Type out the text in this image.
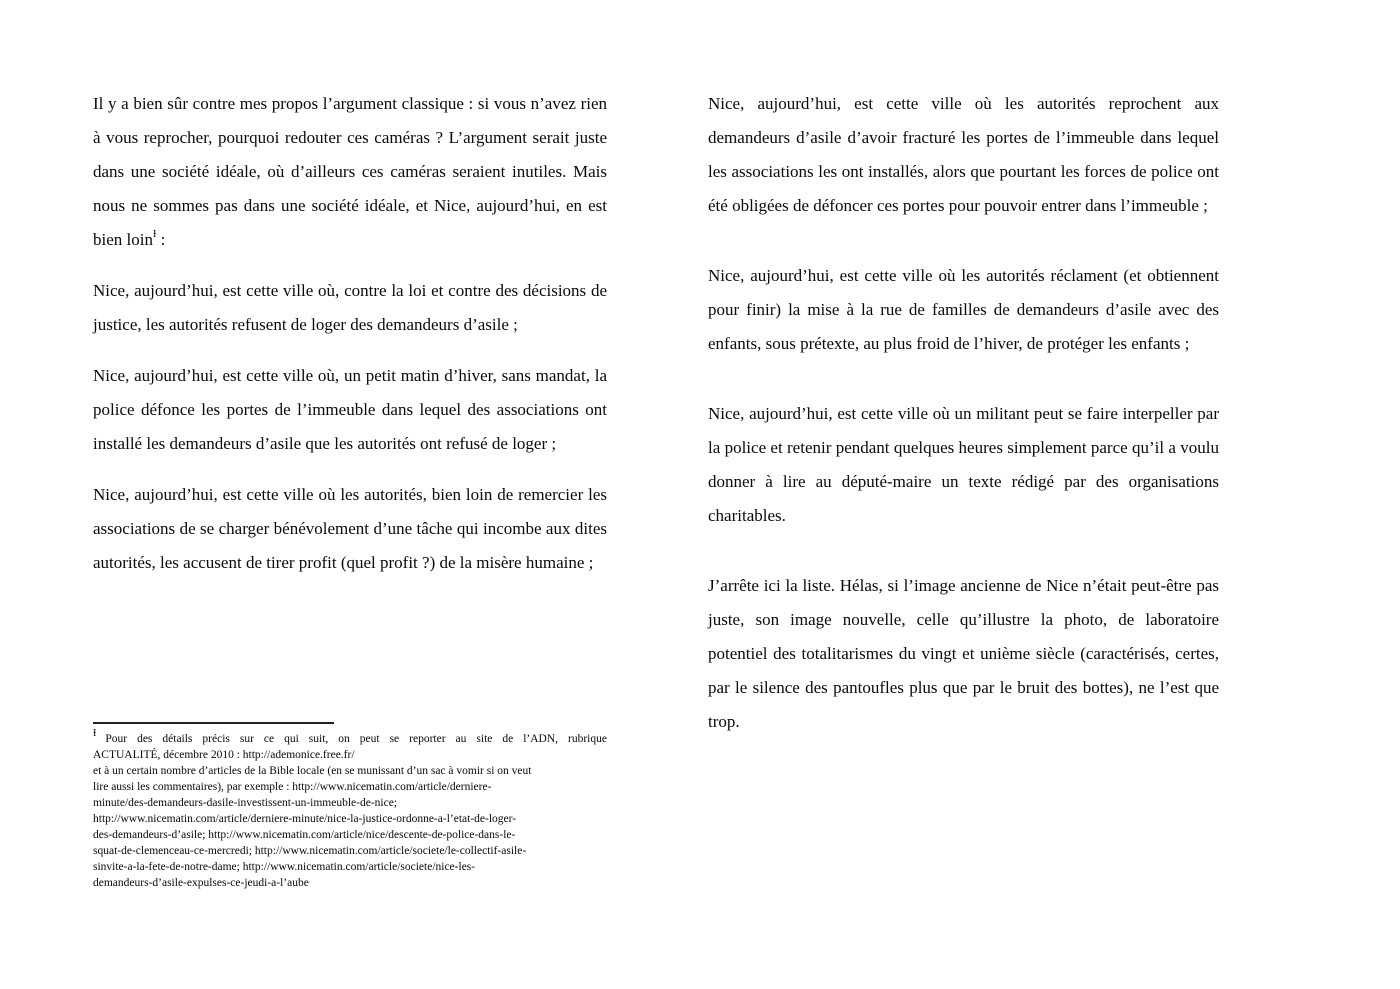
Il y a bien sûr contre mes propos l’argument classique : si vous n’avez rien à vous reprocher, pourquoi redouter ces caméras ? L’argument serait juste dans une société idéale, où d’ailleurs ces caméras seraient inutiles. Mais nous ne sommes pas dans une société idéale, et Nice, aujourd’hui, en est bien loin$^Ɨ$ :

Nice, aujourd’hui, est cette ville où, contre la loi et contre des décisions de justice, les autorités refusent de loger des demandeurs d’asile ;

Nice, aujourd’hui, est cette ville où, un petit matin d’hiver, sans mandat, la police défonce les portes de l’immeuble dans lequel des associations ont installé les demandeurs d’asile que les autorités ont refusé de loger ;

Nice, aujourd’hui, est cette ville où les autorités, bien loin de remercier les associations de se charger bénévolement d’une tâche qui incombe aux dites autorités, les accusent de tirer profit (quel profit ?) de la misère humaine ;

Nice, aujourd’hui, est cette ville où les autorités reprochent aux demandeurs d’asile d’avoir fracturé les portes de l’immeuble dans lequel les associations les ont installés, alors que pourtant les forces de police ont été obligées de défoncer ces portes pour pouvoir entrer dans l’immeuble ;

Nice, aujourd’hui, est cette ville où les autorités réclament (et obtiennent pour finir) la mise à la rue de familles de demandeurs d’asile avec des enfants, sous prétexte, au plus froid de l’hiver, de protéger les enfants ;

Nice, aujourd’hui, est cette ville où un militant peut se faire interpeller par la police et retenir pendant quelques heures simplement parce qu’il a voulu donner à lire au député-maire un texte rédigé par des organisations charitables.

J’arrête ici la liste. Hélas, si l’image ancienne de Nice n’était peut-être pas juste, son image nouvelle, celle qu’illustre la photo, de laboratoire potentiel des totalitarismes du vingt et unième siècle (caractérisés, certes, par le silence des pantoufles plus que par le bruit des bottes), ne l’est que trop.

$^Ɨ$ Pour des détails précis sur ce qui suit, on peut se reporter au site de l’ADN, rubrique
ACTUALITÉ, décembre 2010 : http://ademonice.free.fr/
et à un certain nombre d’articles de la Bible locale (en se munissant d’un sac à vomir si on veut
lire aussi les commentaires), par exemple : http://www.nicematin.com/article/derniere-
minute/des-demandeurs-dasile-investissent-un-immeuble-de-nice;
http://www.nicematin.com/article/derniere-minute/nice-la-justice-ordonne-a-l’etat-de-loger-
des-demandeurs-d’asile; http://www.nicematin.com/article/nice/descente-de-police-dans-le-
squat-de-clemenceau-ce-mercredi; http://www.nicematin.com/article/societe/le-collectif-asile-
sinvite-a-la-fete-de-notre-dame; http://www.nicematin.com/article/societe/nice-les-
demandeurs-d’asile-expulses-ce-jeudi-a-l’aube
